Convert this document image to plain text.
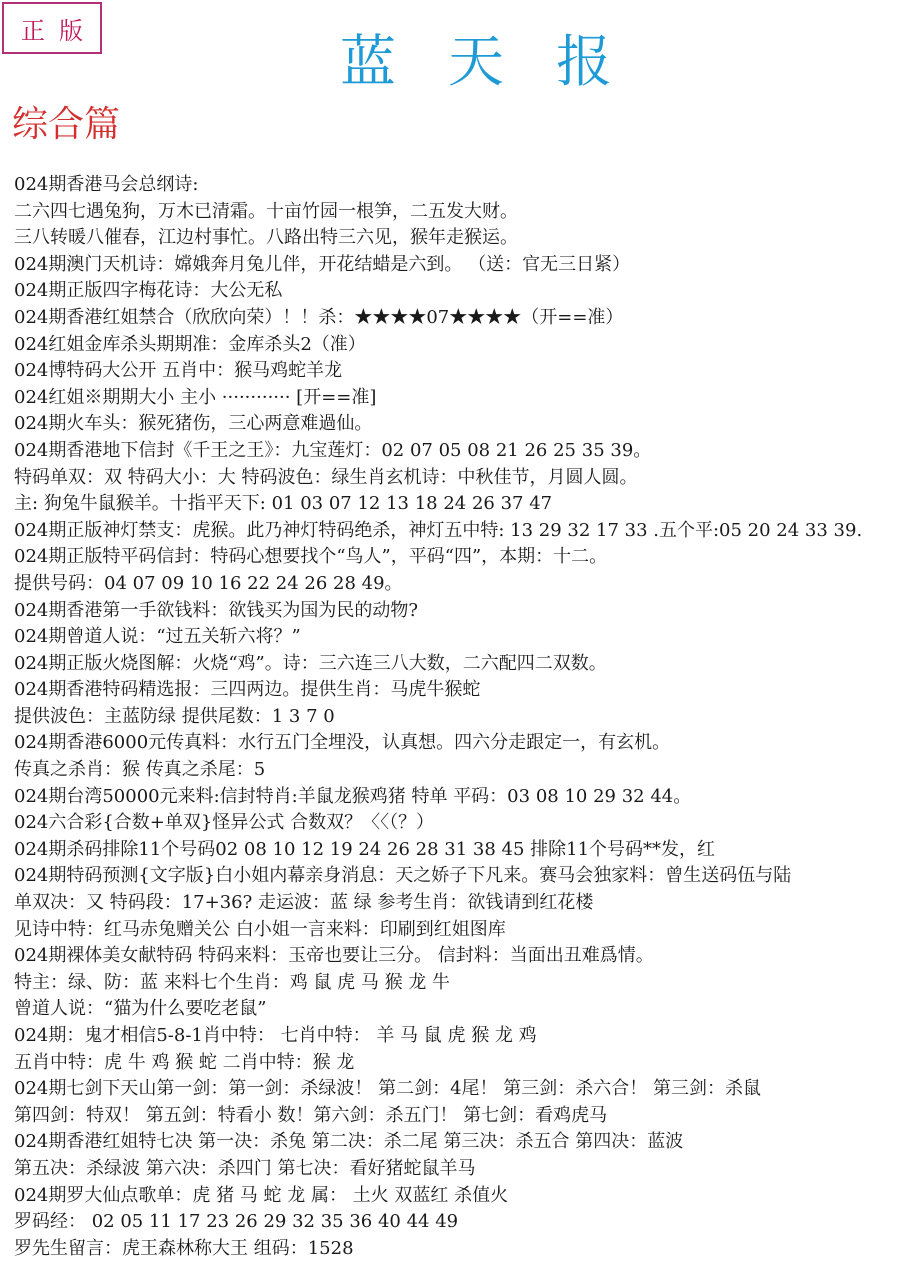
正版	蓝天报
综合篇
024期香港马会总纲诗:
二六四七遇兔狗，万木已清霜。十亩竹园一根笋，二五发大财。
三八转暖八催春，江边村事忙。八路出特三六见，猴年走猴运。
024期澳门天机诗：嫦娥奔月兔儿伴，开花结蜡是六到。 （送：官无三日紧）
024期正版四字梅花诗：大公无私
024期香港红姐禁合（欣欣向荣）！！杀：★★★★07★★★★（开==准）
024红姐金库杀头期期准：金库杀头2（准）
024博特码大公开 五肖中：猴马鸡蛇羊龙
024红姐※期期大小 主小 ············ [开==准]
024期火车头：猴死猪伤，三心两意难過仙。
024期香港地下信封《千王之王》：九宝莲灯：02 07 05 08 21 26 25 35 39。
特码单双：双 特码大小：大 特码波色：绿生肖玄机诗：中秋佳节，月圆人圆。
主: 狗兔牛鼠猴羊。十指平天下: 01 03 07 12 13 18 24 26 37 47
024期正版神灯禁支：虎猴。此乃神灯特码绝杀，神灯五中特: 13 29 32 17 33 .五个平:05 20 24 33 39.
024期正版特平码信封：特码心想要找个“鸟人”，平码“四”，本期：十二。
提供号码：04 07 09 10 16 22 24 26 28 49。
024期香港第一手欲钱料：欲钱买为国为民的动物?
024期曾道人说：“过五关斩六将？”
024期正版火烧图解：火烧“鸡”。诗：三六连三八大数，二六配四二双数。
024期香港特码精选报：三四两边。提供生肖：马虎牛猴蛇
提供波色：主蓝防绿 提供尾数：1 3 7 0
024期香港6000元传真料：水行五门全埋没，认真想。四六分走跟定一，有玄机。
传真之杀肖：猴 传真之杀尾：5
024期台湾50000元来料:信封特肖:羊鼠龙猴鸡猪 特单 平码：03 08 10 29 32 44。
024六合彩{合数+单双}怪异公式 合数双？〈〈（？）
024期杀码排除11个号码02 08 10 12 19 24 26 28 31 38 45 排除11个号码**发，红
024期特码预测{文字版}白小姐内幕亲身消息：天之娇子下凡来。赛马会独家料：曾生送码伍与陆
单双决：又 特码段：17+36? 走运波：蓝 绿 参考生肖：欲钱请到红花楼
见诗中特：红马赤兔赠关公 白小姐一言来料：印刷到红姐图库
024期裸体美女献特码 特码来料：玉帝也要让三分。 信封料：当面出丑难爲情。
特主：绿、防：蓝 来料七个生肖：鸡 鼠 虎 马 猴 龙 牛
曾道人说：“猫为什么要吃老鼠”
024期：鬼才相信5-8-1肖中特： 七肖中特： 羊 马 鼠 虎 猴 龙 鸡
五肖中特：虎 牛 鸡 猴 蛇 二肖中特：猴 龙
024期七剑下天山第一剑：第一剑：杀绿波！ 第二剑：4尾！ 第三剑：杀六合！ 第三剑：杀鼠
第四剑：特双！ 第五剑：特看小 数！第六剑：杀五门！ 第七剑：看鸡虎马
024期香港红姐特七决 第一决：杀兔 第二决：杀二尾 第三决：杀五合 第四决：蓝波
第五决：杀绿波 第六决：杀四门 第七决：看好猪蛇鼠羊马
024期罗大仙点歌单：虎 猪 马 蛇 龙 属： 土火 双蓝红 杀值火
罗码经： 02 05 11 17 23 26 29 32 35 36 40 44 49
罗先生留言：虎王森林称大王 组码：1528
